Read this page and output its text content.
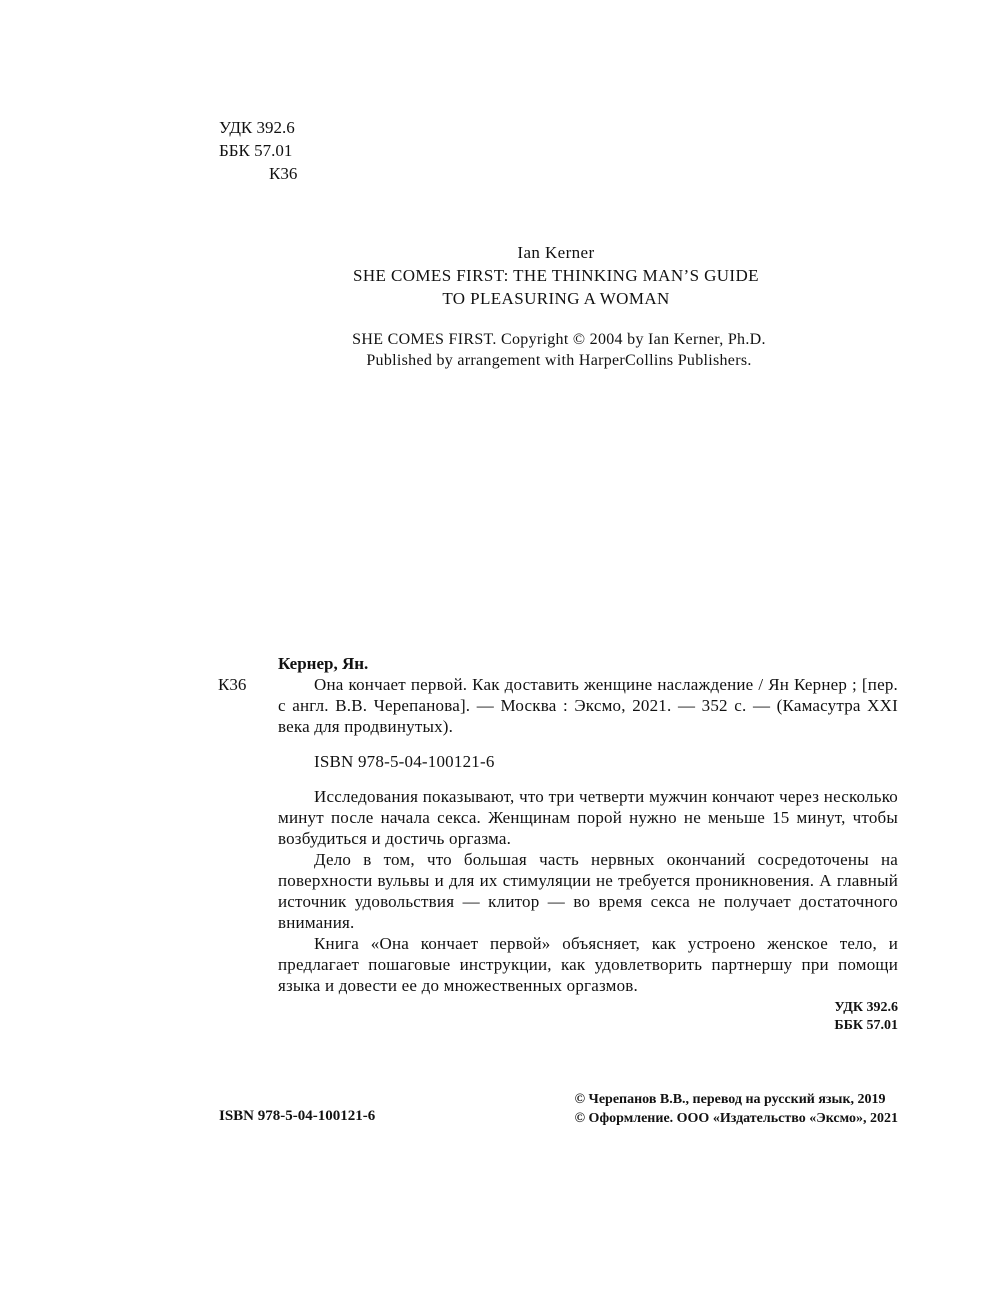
УДК 392.6
ББК 57.01
К36
Ian Kerner
SHE COMES FIRST: THE THINKING MAN’S GUIDE
TO PLEASURING A WOMAN
SHE COMES FIRST. Copyright © 2004 by Ian Kerner, Ph.D.
Published by arrangement with HarperCollins Publishers.
Кернер, Ян.
К36	Она кончает первой. Как доставить женщине наслаждение / Ян Кернер ; [пер. с англ. В.В. Черепанова]. — Москва : Эксмо, 2021. — 352 с. — (Камасутра XXI века для продвинутых).

ISBN 978-5-04-100121-6

Исследования показывают, что три четверти мужчин кончают через несколько минут после начала секса. Женщинам порой нужно не меньше 15 минут, чтобы возбудиться и достичь оргазма.

Дело в том, что большая часть нервных окончаний сосредоточены на поверхности вульвы и для их стимуляции не требуется проникновения. А главный источник удовольствия — клитор — во время секса не получает достаточного внимания.

Книга «Она кончает первой» объясняет, как устроено женское тело, и предлагает пошаговые инструкции, как удовлетворить партнершу при помощи языка и довести ее до множественных оргазмов.

УДК 392.6
ББК 57.01
ISBN 978-5-04-100121-6
© Черепанов В.В., перевод на русский язык, 2019
© Оформление. ООО «Издательство «Эксмо», 2021
